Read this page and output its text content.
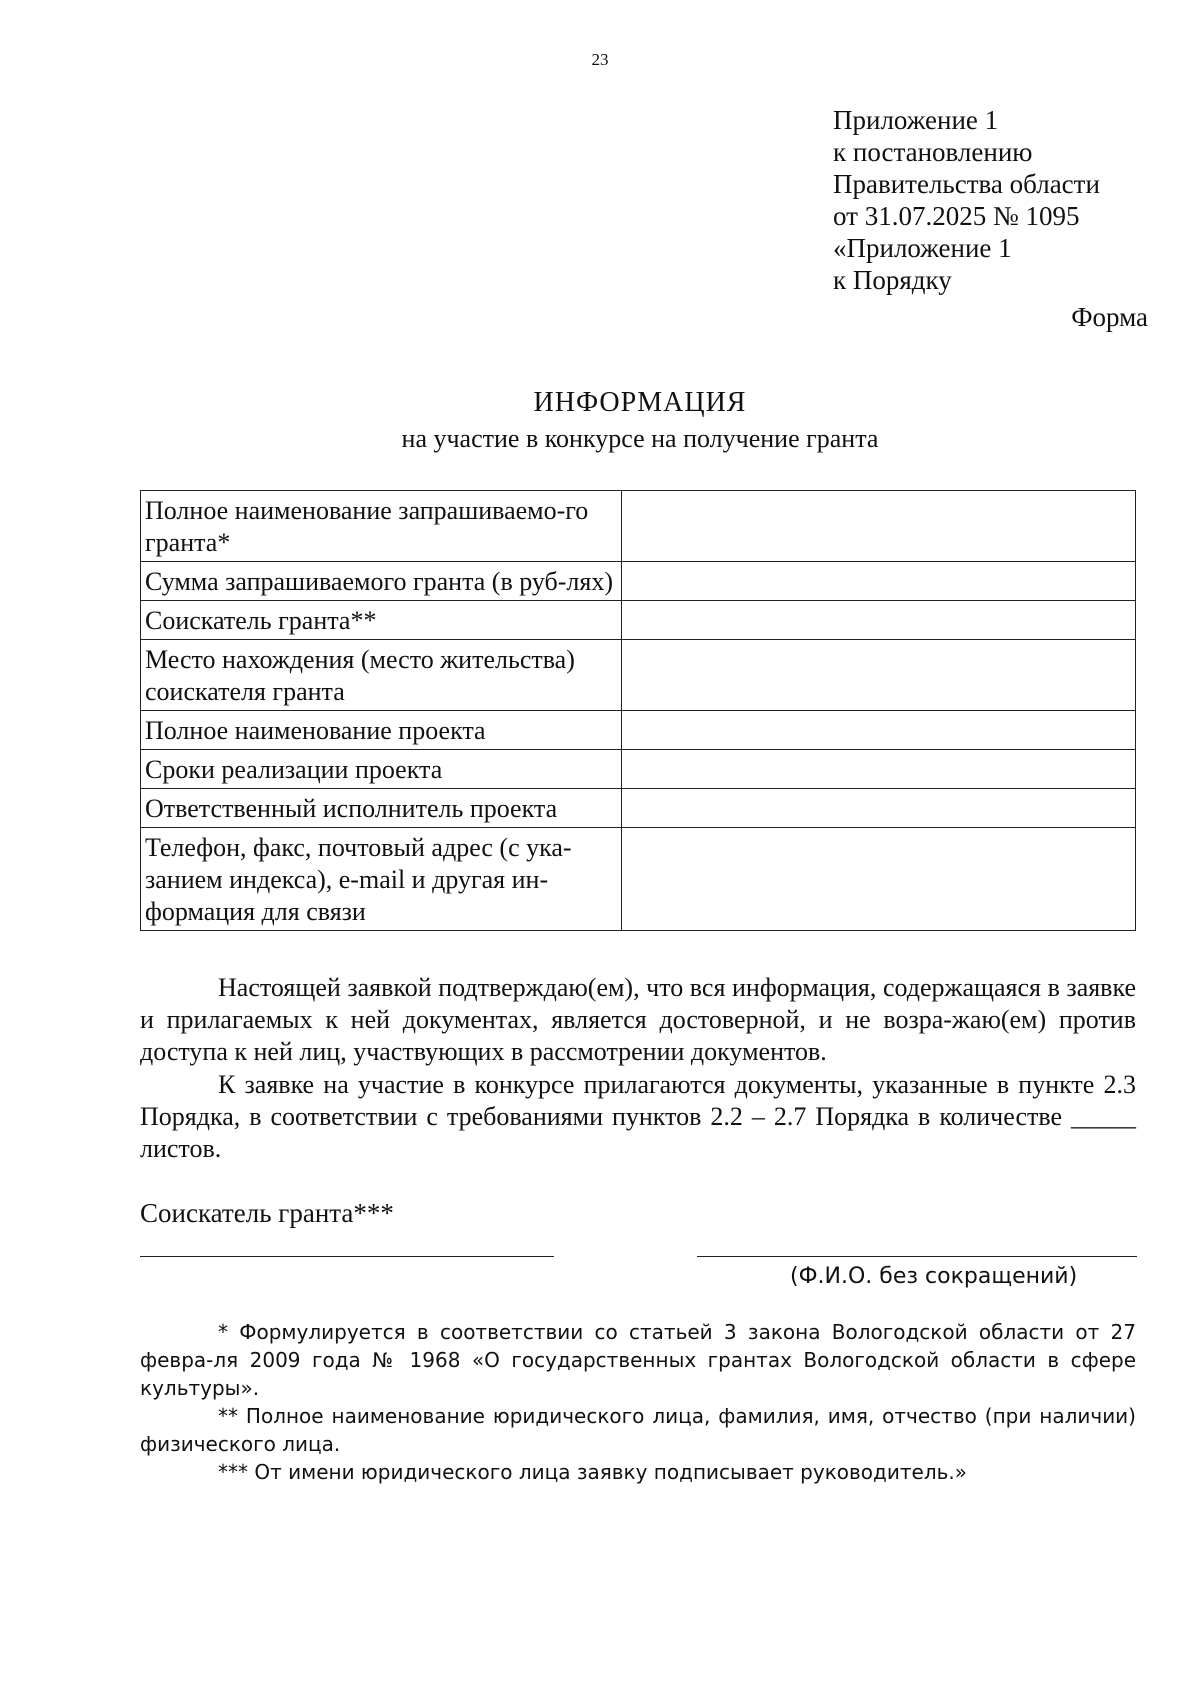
23
Приложение 1
к постановлению
Правительства области
от 31.07.2025 № 1095
«Приложение 1
к Порядку
Форма
ИНФОРМАЦИЯ
на участие в конкурсе на получение гранта
Полное наименование запрашиваемо-го гранта*	
Сумма запрашиваемого гранта (в руб-лях)	
Соискатель гранта**	
Место нахождения (место жительства) соискателя гранта	
Полное наименование проекта	
Сроки реализации проекта	
Ответственный исполнитель проекта	
Телефон, факс, почтовый адрес (с ука-занием индекса), e-mail и другая ин-формация для связи	
Настоящей заявкой подтверждаю(ем), что вся информация, содержащаяся в заявке и прилагаемых к ней документах, является достоверной, и не возра-жаю(ем) против доступа к ней лиц, участвующих в рассмотрении документов.
К заявке на участие в конкурсе прилагаются документы, указанные в пункте 2.3 Порядка, в соответствии с требованиями пунктов 2.2 – 2.7 Порядка в количестве _____ листов.
Соискатель гранта***
(Ф.И.О. без сокращений)
* Формулируется в соответствии со статьей 3 закона Вологодской области от 27 февра-ля 2009 года № 1968 «О государственных грантах Вологодской области в сфере культуры».
** Полное наименование юридического лица, фамилия, имя, отчество (при наличии) физического лица.
*** От имени юридического лица заявку подписывает руководитель.»
